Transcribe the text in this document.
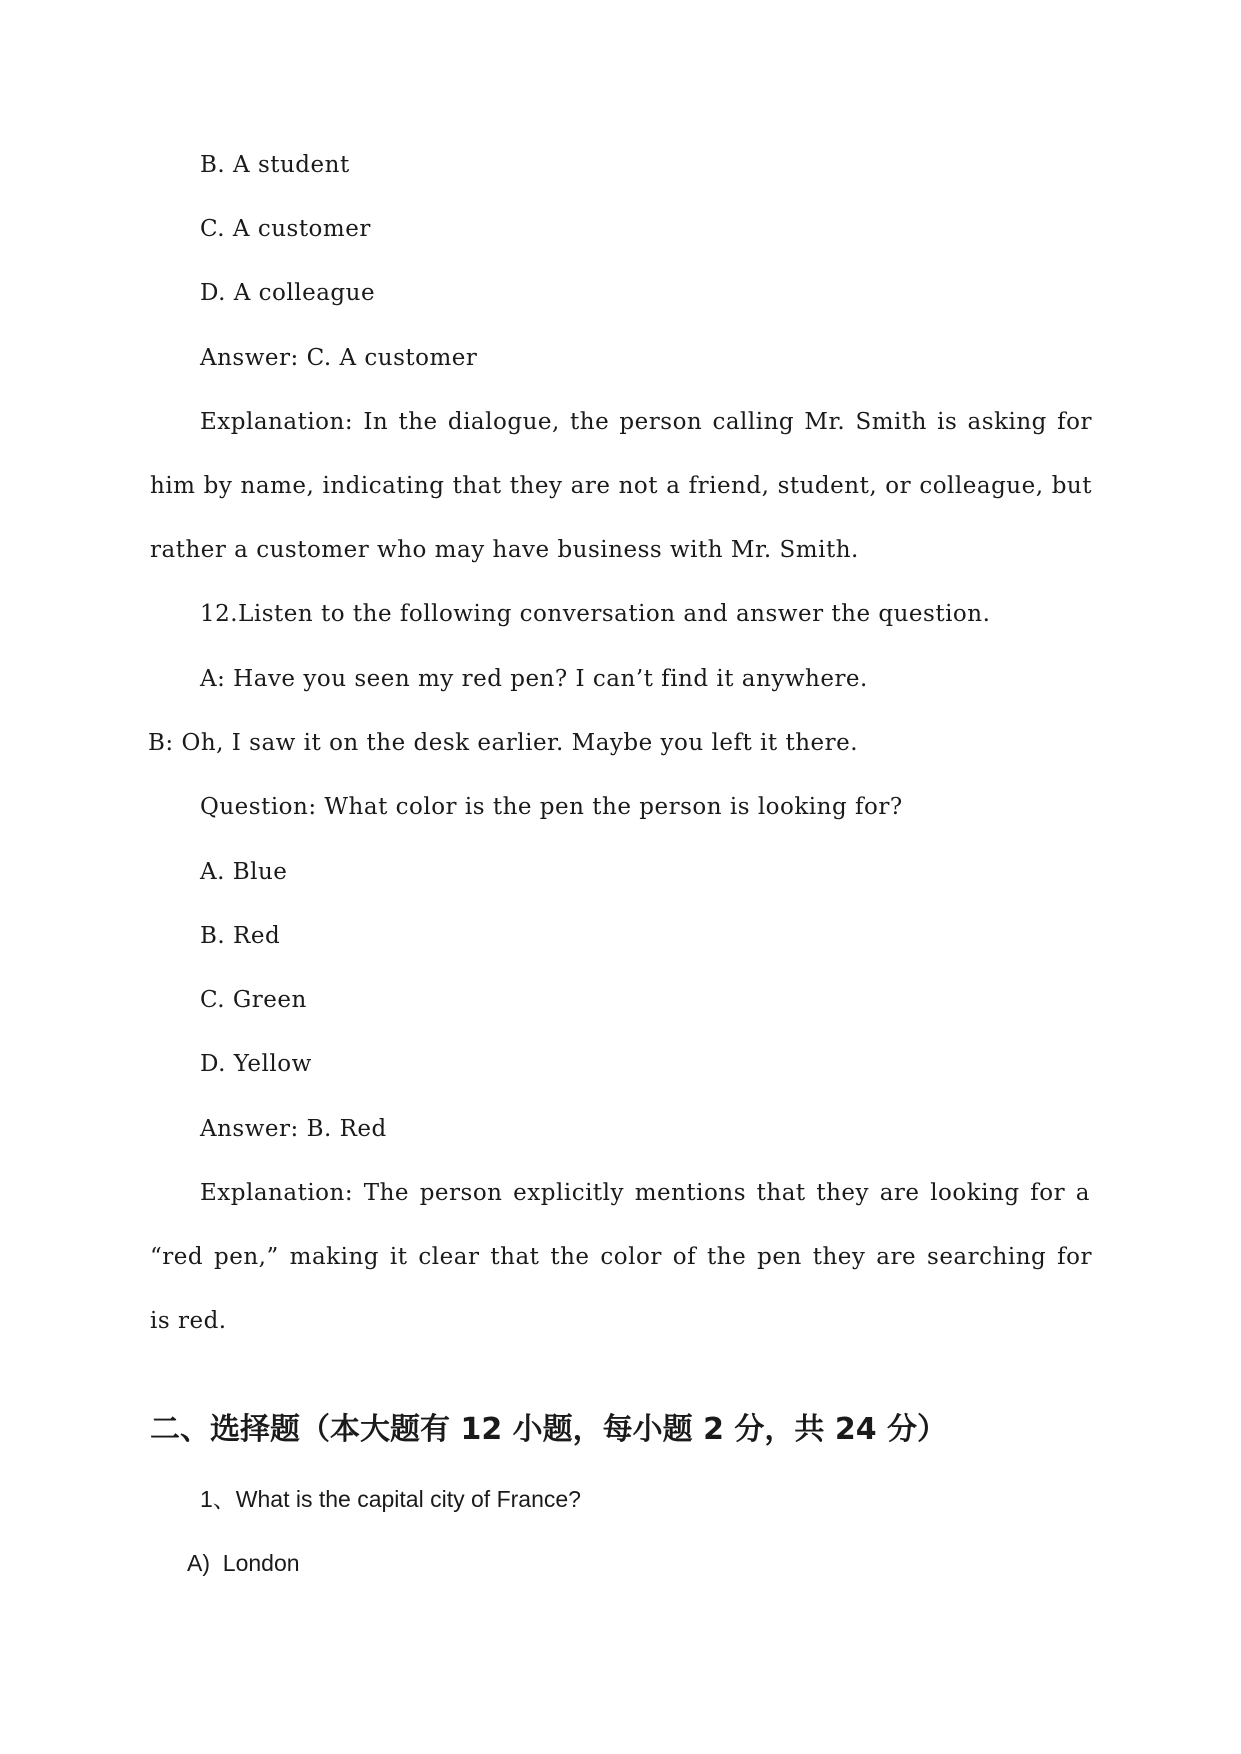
B. A student
C. A customer
D. A colleague
Answer: C. A customer
Explanation: In the dialogue, the person calling Mr. Smith is asking for
him by name, indicating that they are not a friend, student, or colleague, but
rather a customer who may have business with Mr. Smith.
12.Listen to the following conversation and answer the question.
A: Have you seen my red pen? I can’t find it anywhere.
B: Oh, I saw it on the desk earlier. Maybe you left it there.
Question: What color is the pen the person is looking for?
A. Blue
B. Red
C. Green
D. Yellow
Answer: B. Red
Explanation: The person explicitly mentions that they are looking for a
“red pen,” making it clear that the color of the pen they are searching for
is red.
二、选择题（本大题有 12 小题，每小题 2 分，共 24 分）
1、What is the capital city of France?
A)  London
